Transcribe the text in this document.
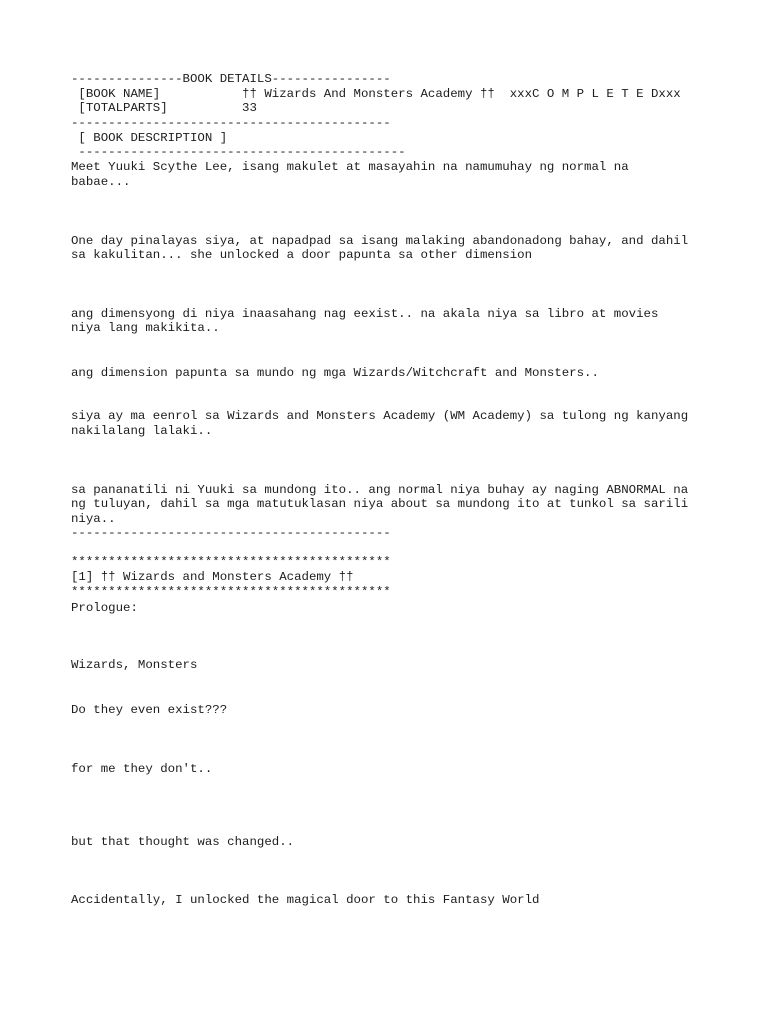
---------------BOOK DETAILS----------------

[BOOK NAME]           †† Wizards And Monsters Academy ††  xxxC O M P L E T E Dxxx

[TOTALPARTS]          33

-------------------------------------------

[ BOOK DESCRIPTION ]

--------------------------------------------

Meet Yuuki Scythe Lee, isang makulet at masayahin na namumuhay ng normal na

babae...

One day pinalayas siya, at napadpad sa isang malaking abandonadong bahay, and dahil

sa kakulitan... she unlocked a door papunta sa other dimension

ang dimensyong di niya inaasahang nag eexist.. na akala niya sa libro at movies

niya lang makikita..

ang dimension papunta sa mundo ng mga Wizards/Witchcraft and Monsters..

siya ay ma eenrol sa Wizards and Monsters Academy (WM Academy) sa tulong ng kanyang

nakilalang lalaki..

sa pananatili ni Yuuki sa mundong ito.. ang normal niya buhay ay naging ABNORMAL na

ng tuluyan, dahil sa mga matutuklasan niya about sa mundong ito at tunkol sa sarili

niya..

-------------------------------------------

*******************************************

[1] †† Wizards and Monsters Academy ††

*******************************************

Prologue:

Wizards, Monsters

Do they even exist???

for me they don't..

but that thought was changed..

Accidentally, I unlocked the magical door to this Fantasy World
